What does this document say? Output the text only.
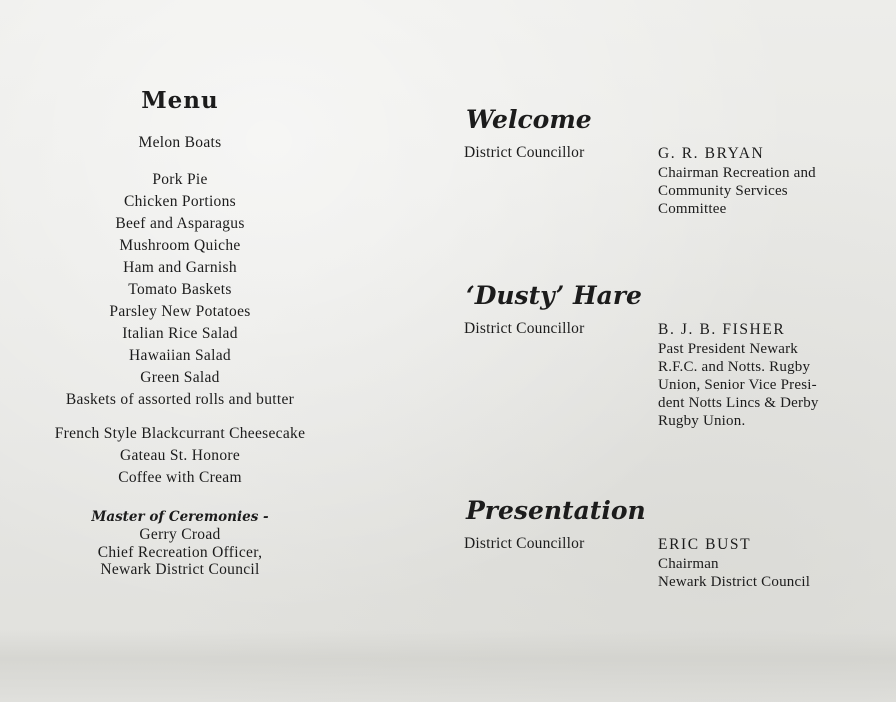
Menu
Melon Boats
Pork Pie
Chicken Portions
Beef and Asparagus
Mushroom Quiche
Ham and Garnish
Tomato Baskets
Parsley New Potatoes
Italian Rice Salad
Hawaiian Salad
Green Salad
Baskets of assorted rolls and butter
French Style Blackcurrant Cheesecake
Gateau St. Honore
Coffee with Cream
Master of Ceremonies -
Gerry Croad
Chief Recreation Officer,
Newark District Council
Welcome
District Councillor	G. R. BRYAN
Chairman Recreation and
Community Services
Committee
‘Dusty’ Hare
District Councillor	B. J. B. FISHER
Past President Newark
R.F.C. and Notts. Rugby
Union, Senior Vice Presi-
dent Notts Lincs & Derby
Rugby Union.
Presentation
District Councillor	ERIC BUST
Chairman
Newark District Council
